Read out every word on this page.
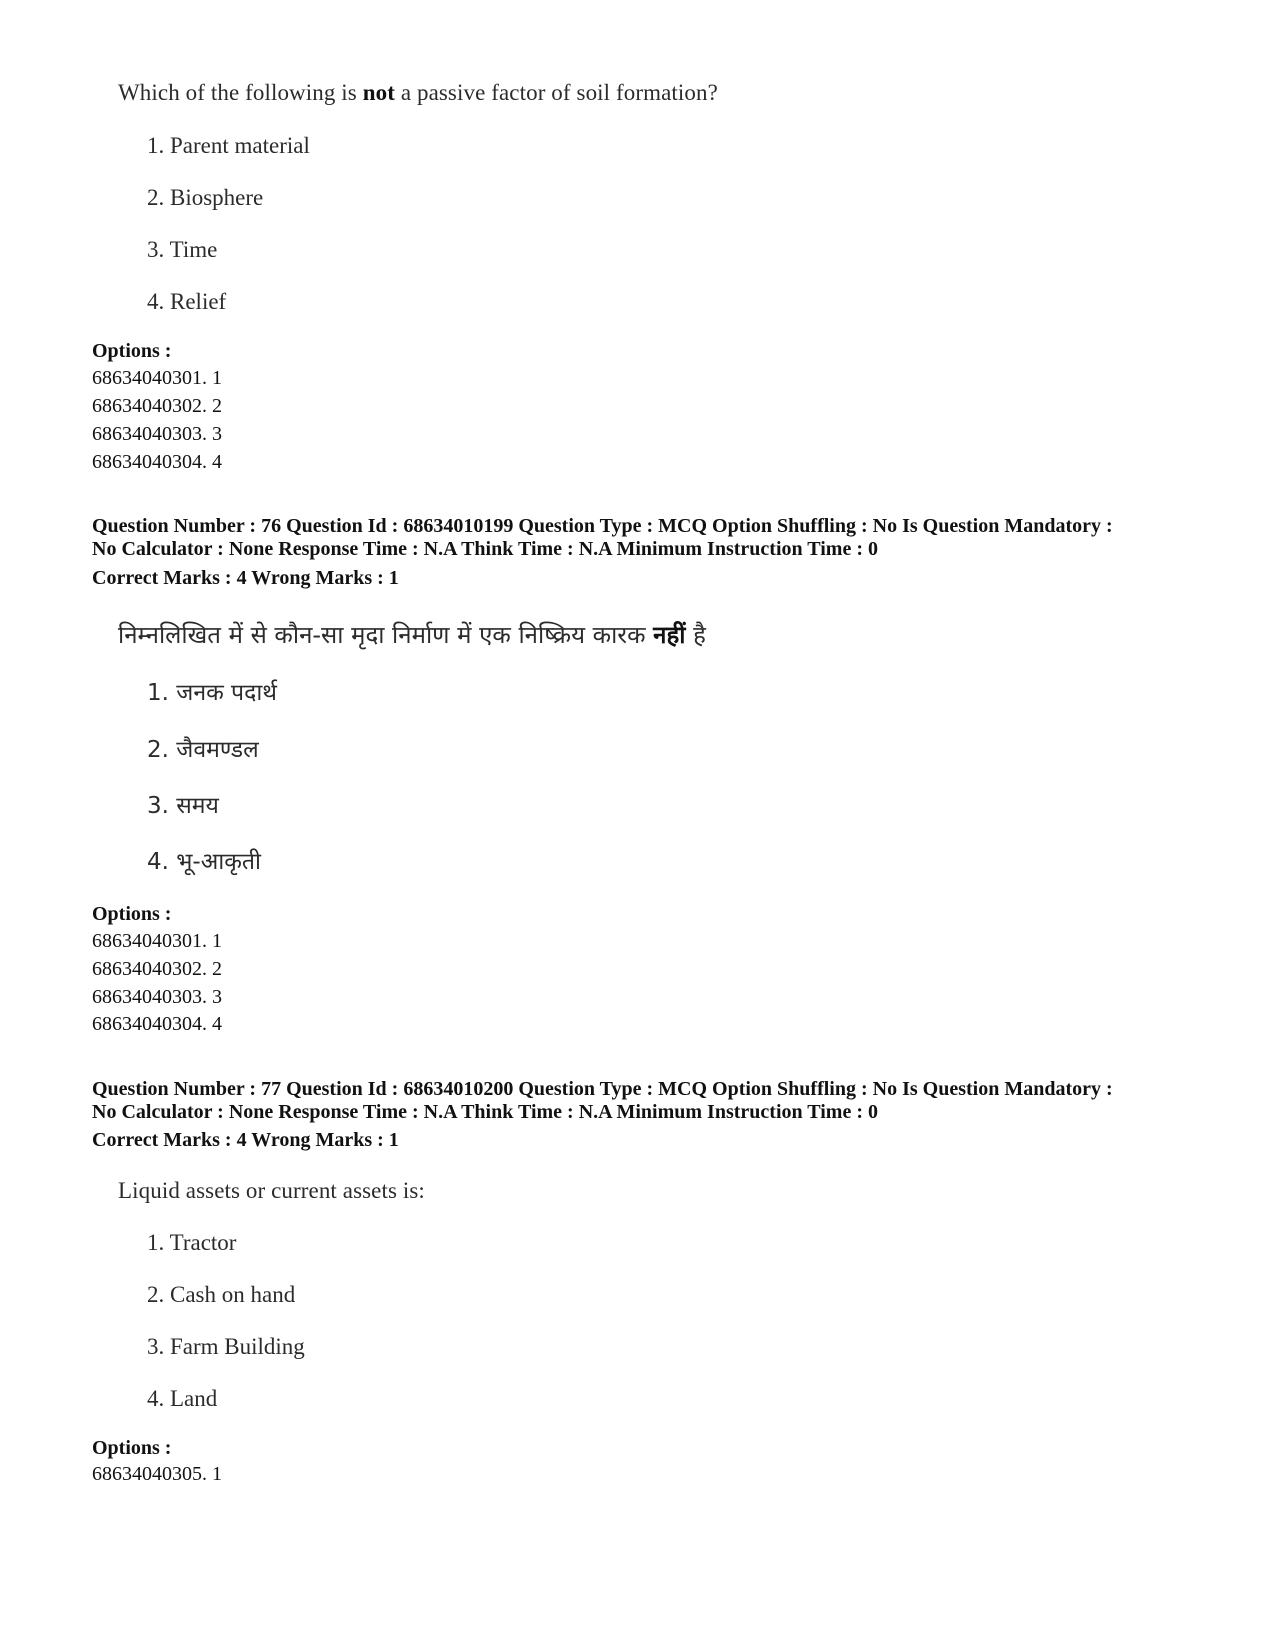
Which of the following is not a passive factor of soil formation?
1. Parent material
2. Biosphere
3. Time
4. Relief
Options :
68634040301. 1
68634040302. 2
68634040303. 3
68634040304. 4
Question Number : 76 Question Id : 68634010199 Question Type : MCQ Option Shuffling : No Is Question Mandatory :
No Calculator : None Response Time : N.A Think Time : N.A Minimum Instruction Time : 0
Correct Marks : 4 Wrong Marks : 1
निम्नलिखित में से कौन-सा मृदा निर्माण में एक निष्क्रिय कारक नहीं है
1. जनक पदार्थ
2. जैवमण्डल
3. समय
4. भू-आकृती
Options :
68634040301. 1
68634040302. 2
68634040303. 3
68634040304. 4
Question Number : 77 Question Id : 68634010200 Question Type : MCQ Option Shuffling : No Is Question Mandatory :
No Calculator : None Response Time : N.A Think Time : N.A Minimum Instruction Time : 0
Correct Marks : 4 Wrong Marks : 1
Liquid assets or current assets is:
1. Tractor
2. Cash on hand
3. Farm Building
4. Land
Options :
68634040305. 1
